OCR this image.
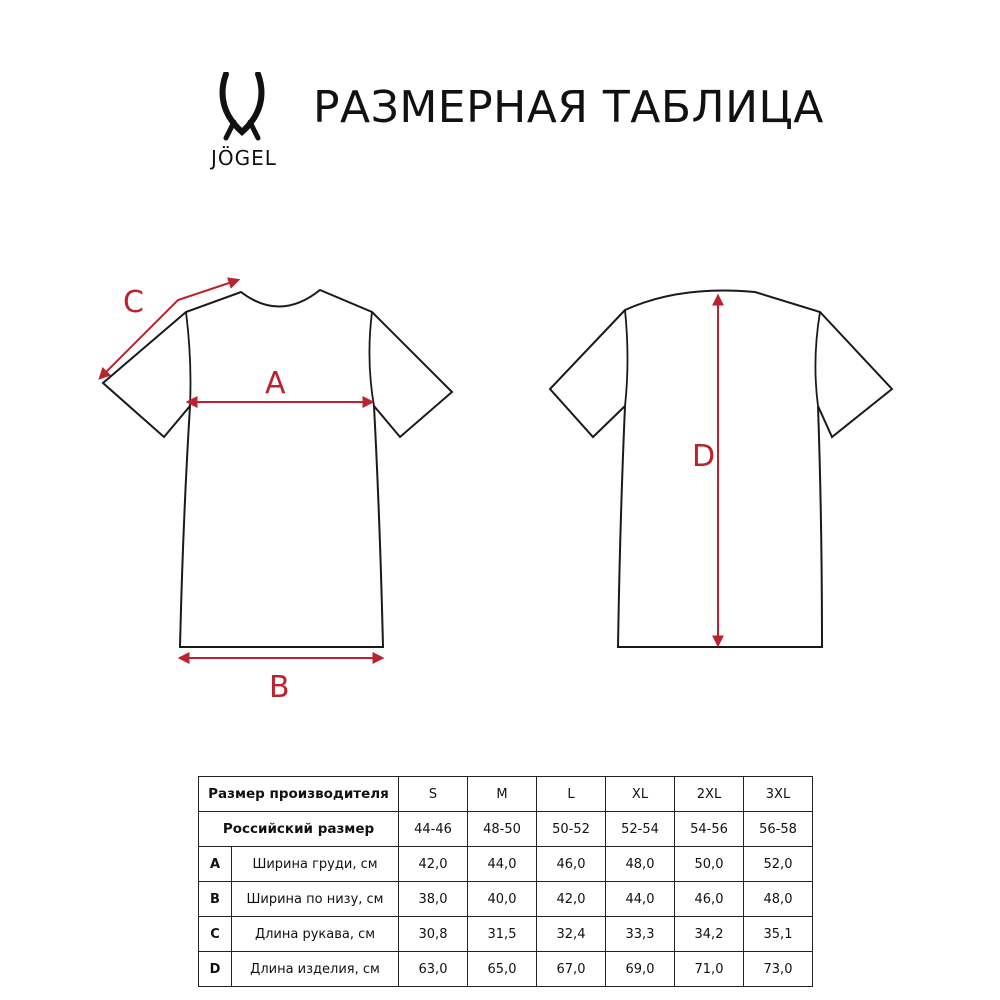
JÖGEL
РАЗМЕРНАЯ ТАБЛИЦА
A
B
C
D
Размер производителя		S	M	L	XL	2XL	3XL
Российский размер		44-46	48-50	50-52	52-54	54-56	56-58
A	Ширина груди, см	42,0	44,0	46,0	48,0	50,0	52,0
B	Ширина по низу, см	38,0	40,0	42,0	44,0	46,0	48,0
C	Длина рукава, см	30,8	31,5	32,4	33,3	34,2	35,1
D	Длина изделия, см	63,0	65,0	67,0	69,0	71,0	73,0
